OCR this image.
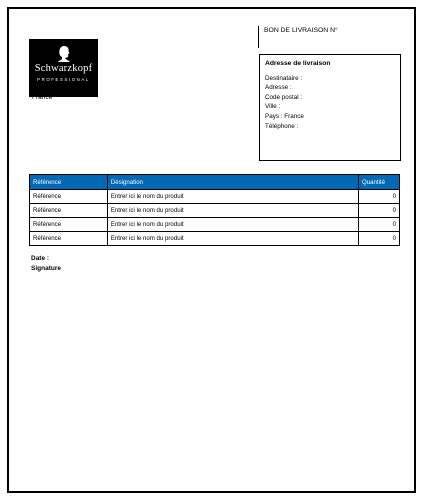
Schwarzkopf
PROFESSIONAL
France
BON DE LIVRAISON N°
Adresse de livraison
Destinataire :
Adresse :
Code postal :
Ville :
Pays : France
Téléphone :
Référence	Désignation	Quantité
Référence	Entrer ici le nom du produit	0
Référence	Entrer ici le nom du produit	0
Référence	Entrer ici le nom du produit	0
Référence	Entrer ici le nom du produit	0
Date :
Signature
